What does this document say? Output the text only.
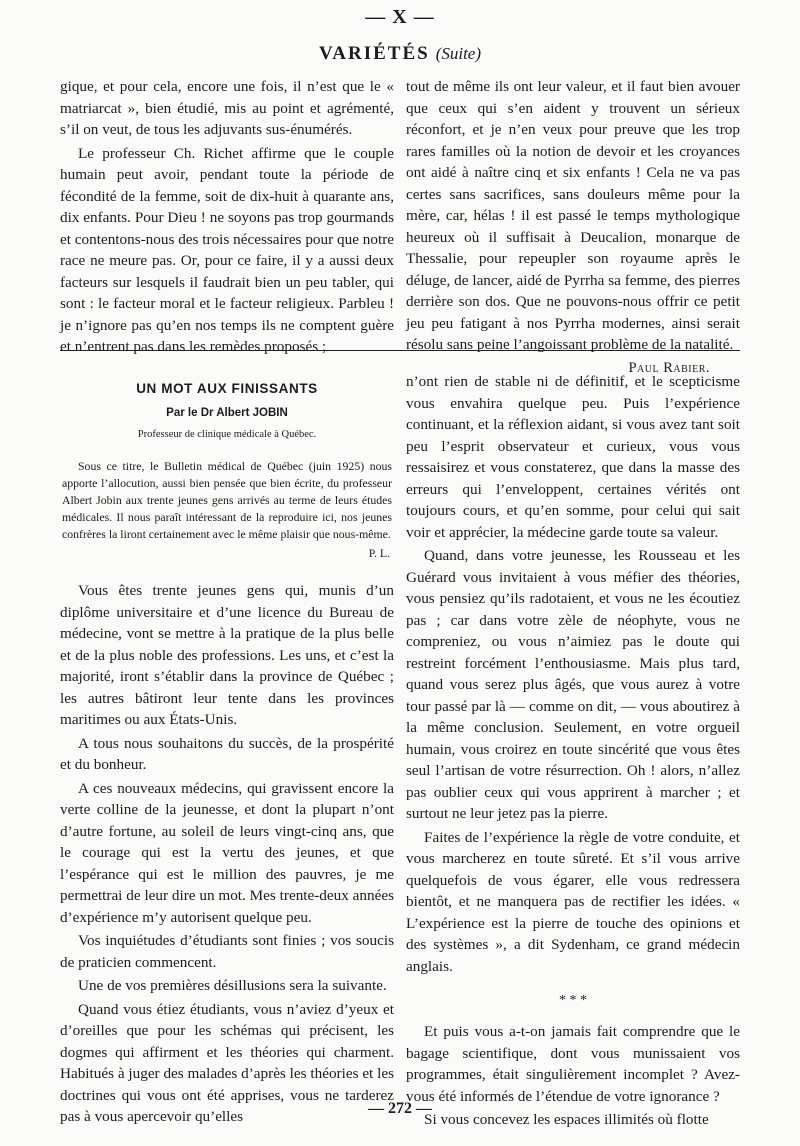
— X —
VARIÉTÉS (Suite)

gique, et pour cela, encore une fois, il n’est que le « matriarcat », bien étudié, mis au point et agrémenté, s’il on veut, de tous les adjuvants sus-énumérés.

Le professeur Ch. Richet affirme que le couple humain peut avoir, pendant toute la période de fécondité de la femme, soit de dix-huit à quarante ans, dix enfants. Pour Dieu ! ne soyons pas trop gourmands et contentons-nous des trois nécessaires pour que notre race ne meure pas. Or, pour ce faire, il y a aussi deux facteurs sur lesquels il faudrait bien un peu tabler, qui sont : le facteur moral et le facteur religieux. Parbleu ! je n’ignore pas qu’en nos temps ils ne comptent guère et n’entrent pas dans les remèdes proposés ;

tout de même ils ont leur valeur, et il faut bien avouer que ceux qui s’en aident y trouvent un sérieux réconfort, et je n’en veux pour preuve que les trop rares familles où la notion de devoir et les croyances ont aidé à naître cinq et six enfants ! Cela ne va pas certes sans sacrifices, sans douleurs même pour la mère, car, hélas ! il est passé le temps mythologique heureux où il suffisait à Deucalion, monarque de Thessalie, pour repeupler son royaume après le déluge, de lancer, aidé de Pyrrha sa femme, des pierres derrière son dos. Que ne pouvons-nous offrir ce petit jeu peu fatigant à nos Pyrrha modernes, ainsi serait résolu sans peine l’angoissant problème de la natalité.

Paul Rabier.
UN MOT AUX FINISSANTS
Par le Dr Albert JOBIN
Professeur de clinique médicale à Québec.
Sous ce titre, le Bulletin médical de Québec (juin 1925) nous apporte l’allocution, aussi bien pensée que bien écrite, du professeur Albert Jobin aux trente jeunes gens arrivés au terme de leurs études médicales. Il nous paraît intéressant de la reproduire ici, nos jeunes confrères la liront certainement avec le même plaisir que nous-même.
P. L.

Vous êtes trente jeunes gens qui, munis d’un diplôme universitaire et d’une licence du Bureau de médecine, vont se mettre à la pratique de la plus belle et de la plus noble des professions. Les uns, et c’est la majorité, iront s’établir dans la province de Québec ; les autres bâtiront leur tente dans les provinces maritimes ou aux États-Unis.

A tous nous souhaitons du succès, de la prospérité et du bonheur.

A ces nouveaux médecins, qui gravissent encore la verte colline de la jeunesse, et dont la plupart n’ont d’autre fortune, au soleil de leurs vingt-cinq ans, que le courage qui est la vertu des jeunes, et que l’espérance qui est le million des pauvres, je me permettrai de leur dire un mot. Mes trente-deux années d’expérience m’y autorisent quelque peu.

Vos inquiétudes d’étudiants sont finies ; vos soucis de praticien commencent.

Une de vos premières désillusions sera la suivante.

Quand vous étiez étudiants, vous n’aviez d’yeux et d’oreilles que pour les schémas qui précisent, les dogmes qui affirment et les théories qui charment. Habitués à juger des malades d’après les théories et les doctrines qui vous ont été apprises, vous ne tarderez pas à vous apercevoir qu’elles

n’ont rien de stable ni de définitif, et le scepticisme vous envahira quelque peu. Puis l’expérience continuant, et la réflexion aidant, si vous avez tant soit peu l’esprit observateur et curieux, vous vous ressaisirez et vous constaterez, que dans la masse des erreurs qui l’enveloppent, certaines vérités ont toujours cours, et qu’en somme, pour celui qui sait voir et apprécier, la médecine garde toute sa valeur.

Quand, dans votre jeunesse, les Rousseau et les Guérard vous invitaient à vous méfier des théories, vous pensiez qu’ils radotaient, et vous ne les écoutiez pas ; car dans votre zèle de néophyte, vous ne compreniez, ou vous n’aimiez pas le doute qui restreint forcément l’enthousiasme. Mais plus tard, quand vous serez plus âgés, que vous aurez à votre tour passé par là — comme on dit, — vous aboutirez à la même conclusion. Seulement, en votre orgueil humain, vous croirez en toute sincérité que vous êtes seul l’artisan de votre résurrection. Oh ! alors, n’allez pas oublier ceux qui vous apprirent à marcher ; et surtout ne leur jetez pas la pierre.

Faites de l’expérience la règle de votre conduite, et vous marcherez en toute sûreté. Et s’il vous arrive quelquefois de vous égarer, elle vous redressera bientôt, et ne manquera pas de rectifier les idées. « L’expérience est la pierre de touche des opinions et des systèmes », a dit Sydenham, ce grand médecin anglais.

* * *

Et puis vous a-t-on jamais fait comprendre que le bagage scientifique, dont vous munissaient vos programmes, était singulièrement incomplet ? Avez-vous été informés de l’étendue de votre ignorance ?

Si vous concevez les espaces illimités où flotte

— 272 —
